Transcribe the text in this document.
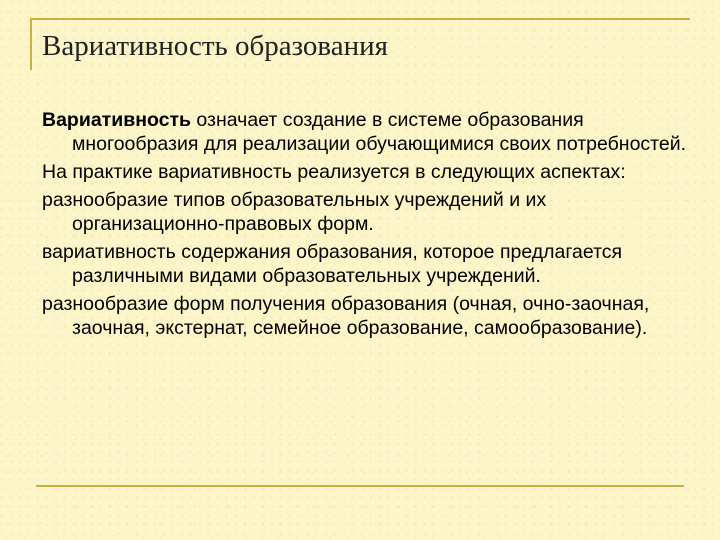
Вариативность образования

Вариативность означает создание в системе образования многообразия для реализации обучающимися своих потребностей.

На практике вариативность реализуется в следующих аспектах:

разнообразие типов образовательных учреждений и их организационно-правовых форм.

вариативность содержания образования, которое предлагается различными видами образовательных учреждений.

разнообразие форм получения образования (очная, очно-заочная, заочная, экстернат, семейное образование, самообразование).
